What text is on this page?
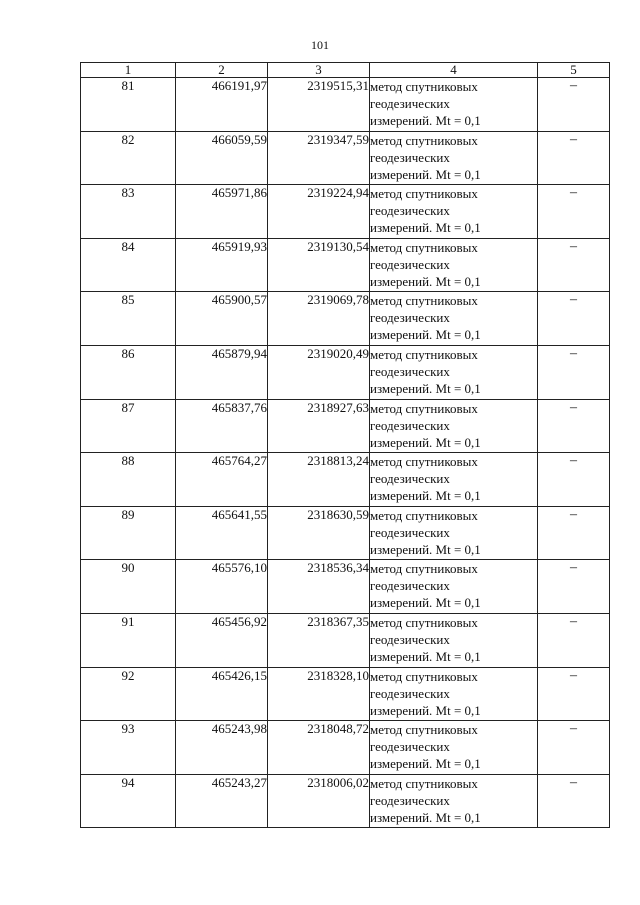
101
1	2	3	4	5
81	466191,97	2319515,31	метод спутниковых
геодезических
измерений. Mt = 0,1	–
82	466059,59	2319347,59	метод спутниковых
геодезических
измерений. Mt = 0,1	–
83	465971,86	2319224,94	метод спутниковых
геодезических
измерений. Mt = 0,1	–
84	465919,93	2319130,54	метод спутниковых
геодезических
измерений. Mt = 0,1	–
85	465900,57	2319069,78	метод спутниковых
геодезических
измерений. Mt = 0,1	–
86	465879,94	2319020,49	метод спутниковых
геодезических
измерений. Mt = 0,1	–
87	465837,76	2318927,63	метод спутниковых
геодезических
измерений. Mt = 0,1	–
88	465764,27	2318813,24	метод спутниковых
геодезических
измерений. Mt = 0,1	–
89	465641,55	2318630,59	метод спутниковых
геодезических
измерений. Mt = 0,1	–
90	465576,10	2318536,34	метод спутниковых
геодезических
измерений. Mt = 0,1	–
91	465456,92	2318367,35	метод спутниковых
геодезических
измерений. Mt = 0,1	–
92	465426,15	2318328,10	метод спутниковых
геодезических
измерений. Mt = 0,1	–
93	465243,98	2318048,72	метод спутниковых
геодезических
измерений. Mt = 0,1	–
94	465243,27	2318006,02	метод спутниковых
геодезических
измерений. Mt = 0,1	–
